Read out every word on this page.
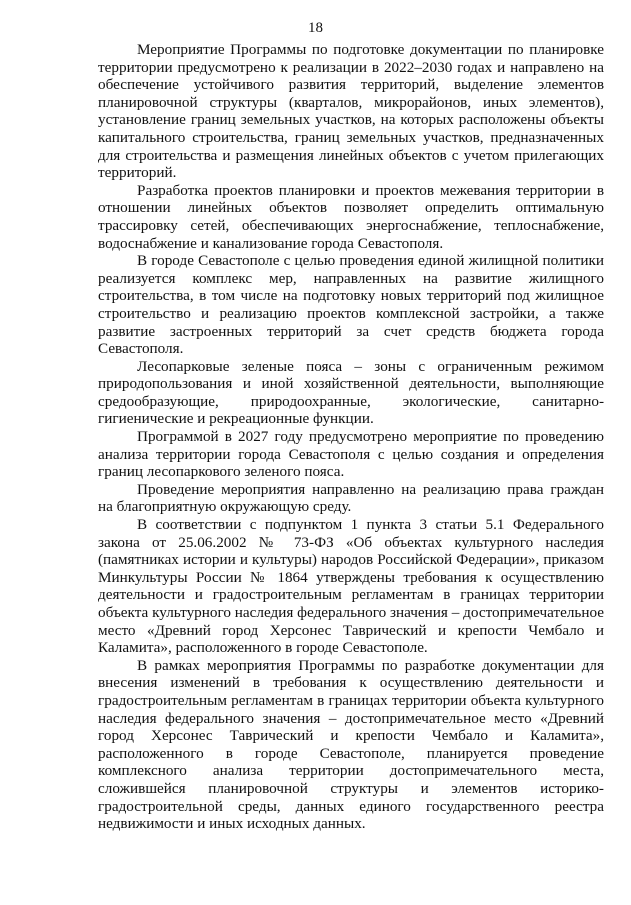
18

Мероприятие Программы по подготовке документации по планировке территории предусмотрено к реализации в 2022–2030 годах и направлено на обеспечение устойчивого развития территорий, выделение элементов планировочной структуры (кварталов, микрорайонов, иных элементов), установление границ земельных участков, на которых расположены объекты капитального строительства, границ земельных участков, предназначенных для строительства и размещения линейных объектов с учетом прилегающих территорий.

Разработка проектов планировки и проектов межевания территории в отношении линейных объектов позволяет определить оптимальную трассировку сетей, обеспечивающих энергоснабжение, теплоснабжение, водоснабжение и канализование города Севастополя.

В городе Севастополе с целью проведения единой жилищной политики реализуется комплекс мер, направленных на развитие жилищного строительства, в том числе на подготовку новых территорий под жилищное строительство и реализацию проектов комплексной застройки, а также развитие застроенных территорий за счет средств бюджета города Севастополя.

Лесопарковые зеленые пояса – зоны с ограниченным режимом природопользования и иной хозяйственной деятельности, выполняющие средообразующие, природоохранные, экологические, санитарно-гигиенические и рекреационные функции.

Программой в 2027 году предусмотрено мероприятие по проведению анализа территории города Севастополя с целью создания и определения границ лесопаркового зеленого пояса.

Проведение мероприятия направленно на реализацию права граждан на благоприятную окружающую среду.

В соответствии с подпунктом 1 пункта 3 статьи 5.1 Федерального закона от 25.06.2002 № 73-ФЗ «Об объектах культурного наследия (памятниках истории и культуры) народов Российской Федерации», приказом Минкультуры России № 1864 утверждены требования к осуществлению деятельности и градостроительным регламентам в границах территории объекта культурного наследия федерального значения – достопримечательное место «Древний город Херсонес Таврический и крепости Чембало и Каламита», расположенного в городе Севастополе.

В рамках мероприятия Программы по разработке документации для внесения изменений в требования к осуществлению деятельности и градостроительным регламентам в границах территории объекта культурного наследия федерального значения – достопримечательное место «Древний город Херсонес Таврический и крепости Чембало и Каламита», расположенного в городе Севастополе, планируется проведение комплексного анализа территории достопримечательного места, сложившейся планировочной структуры и элементов историко-градостроительной среды, данных единого государственного реестра недвижимости и иных исходных данных.
